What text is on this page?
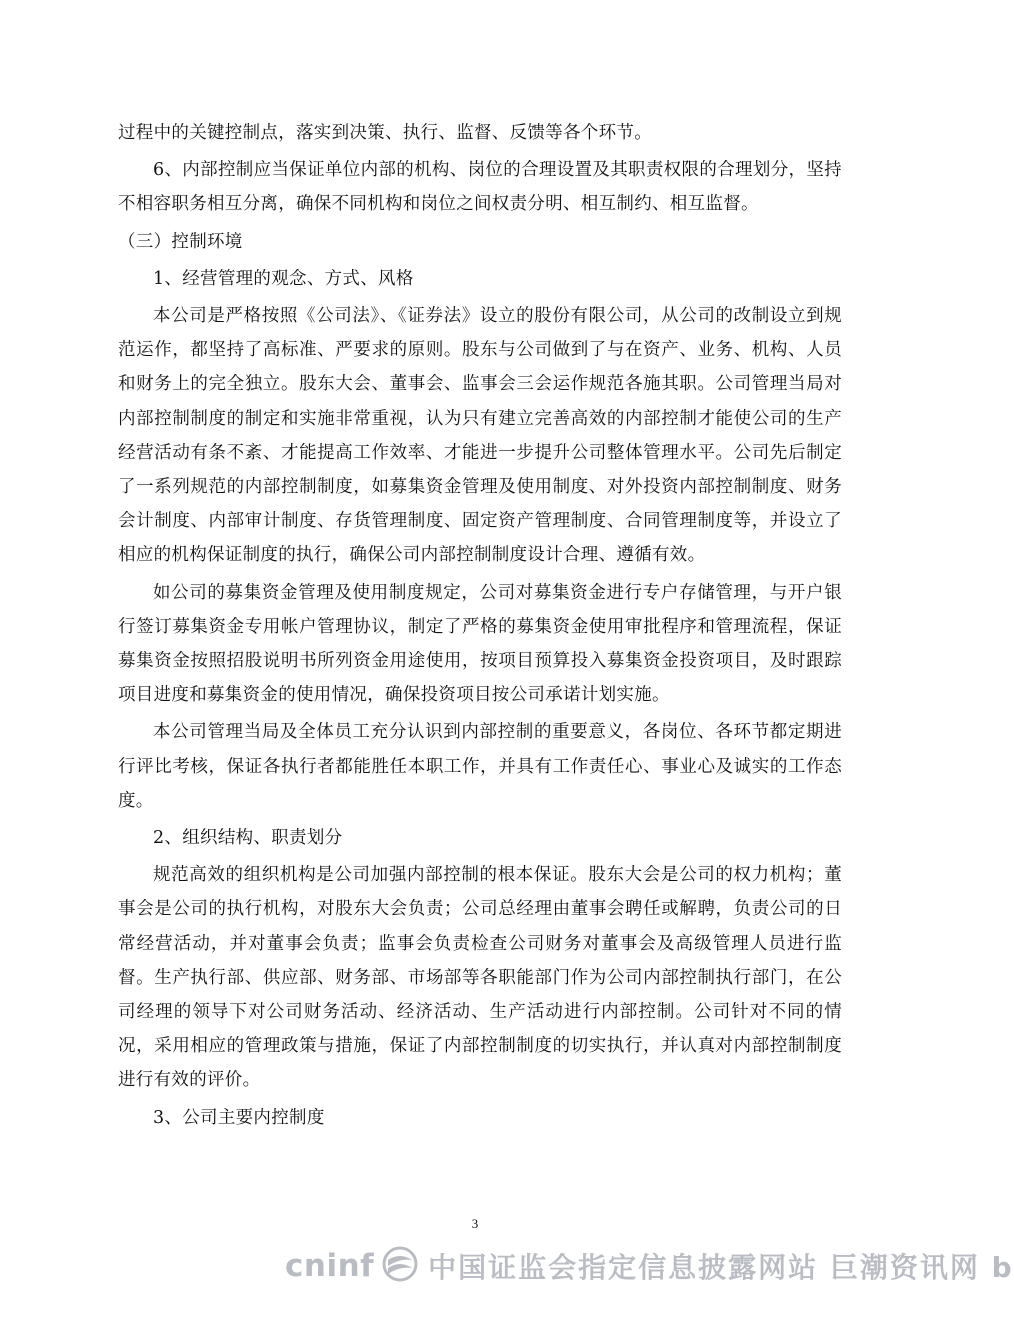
过程中的关键控制点，落实到决策、执行、监督、反馈等各个环节。

6、内部控制应当保证单位内部的机构、岗位的合理设置及其职责权限的合理划分，坚持不相容职务相互分离，确保不同机构和岗位之间权责分明、相互制约、相互监督。

（三）控制环境

1、经营管理的观念、方式、风格

本公司是严格按照《公司法》、《证券法》设立的股份有限公司，从公司的改制设立到规范运作，都坚持了高标准、严要求的原则。股东与公司做到了与在资产、业务、机构、人员和财务上的完全独立。股东大会、董事会、监事会三会运作规范各施其职。公司管理当局对内部控制制度的制定和实施非常重视，认为只有建立完善高效的内部控制才能使公司的生产经营活动有条不紊、才能提高工作效率、才能进一步提升公司整体管理水平。公司先后制定了一系列规范的内部控制制度，如募集资金管理及使用制度、对外投资内部控制制度、财务会计制度、内部审计制度、存货管理制度、固定资产管理制度、合同管理制度等，并设立了相应的机构保证制度的执行，确保公司内部控制制度设计合理、遵循有效。

如公司的募集资金管理及使用制度规定，公司对募集资金进行专户存储管理，与开户银行签订募集资金专用帐户管理协议，制定了严格的募集资金使用审批程序和管理流程，保证募集资金按照招股说明书所列资金用途使用，按项目预算投入募集资金投资项目，及时跟踪项目进度和募集资金的使用情况，确保投资项目按公司承诺计划实施。

本公司管理当局及全体员工充分认识到内部控制的重要意义，各岗位、各环节都定期进行评比考核，保证各执行者都能胜任本职工作，并具有工作责任心、事业心及诚实的工作态度。

2、组织结构、职责划分

规范高效的组织机构是公司加强内部控制的根本保证。股东大会是公司的权力机构；董事会是公司的执行机构，对股东大会负责；公司总经理由董事会聘任或解聘，负责公司的日常经营活动，并对董事会负责；监事会负责检查公司财务对董事会及高级管理人员进行监督。生产执行部、供应部、财务部、市场部等各职能部门作为公司内部控制执行部门，在公司经理的领导下对公司财务活动、经济活动、生产活动进行内部控制。公司针对不同的情况，采用相应的管理政策与措施，保证了内部控制制度的切实执行，并认真对内部控制制度进行有效的评价。

3、公司主要内控制度

3
cninf 中国证监会指定信息披露网站 巨潮资讯网 b
